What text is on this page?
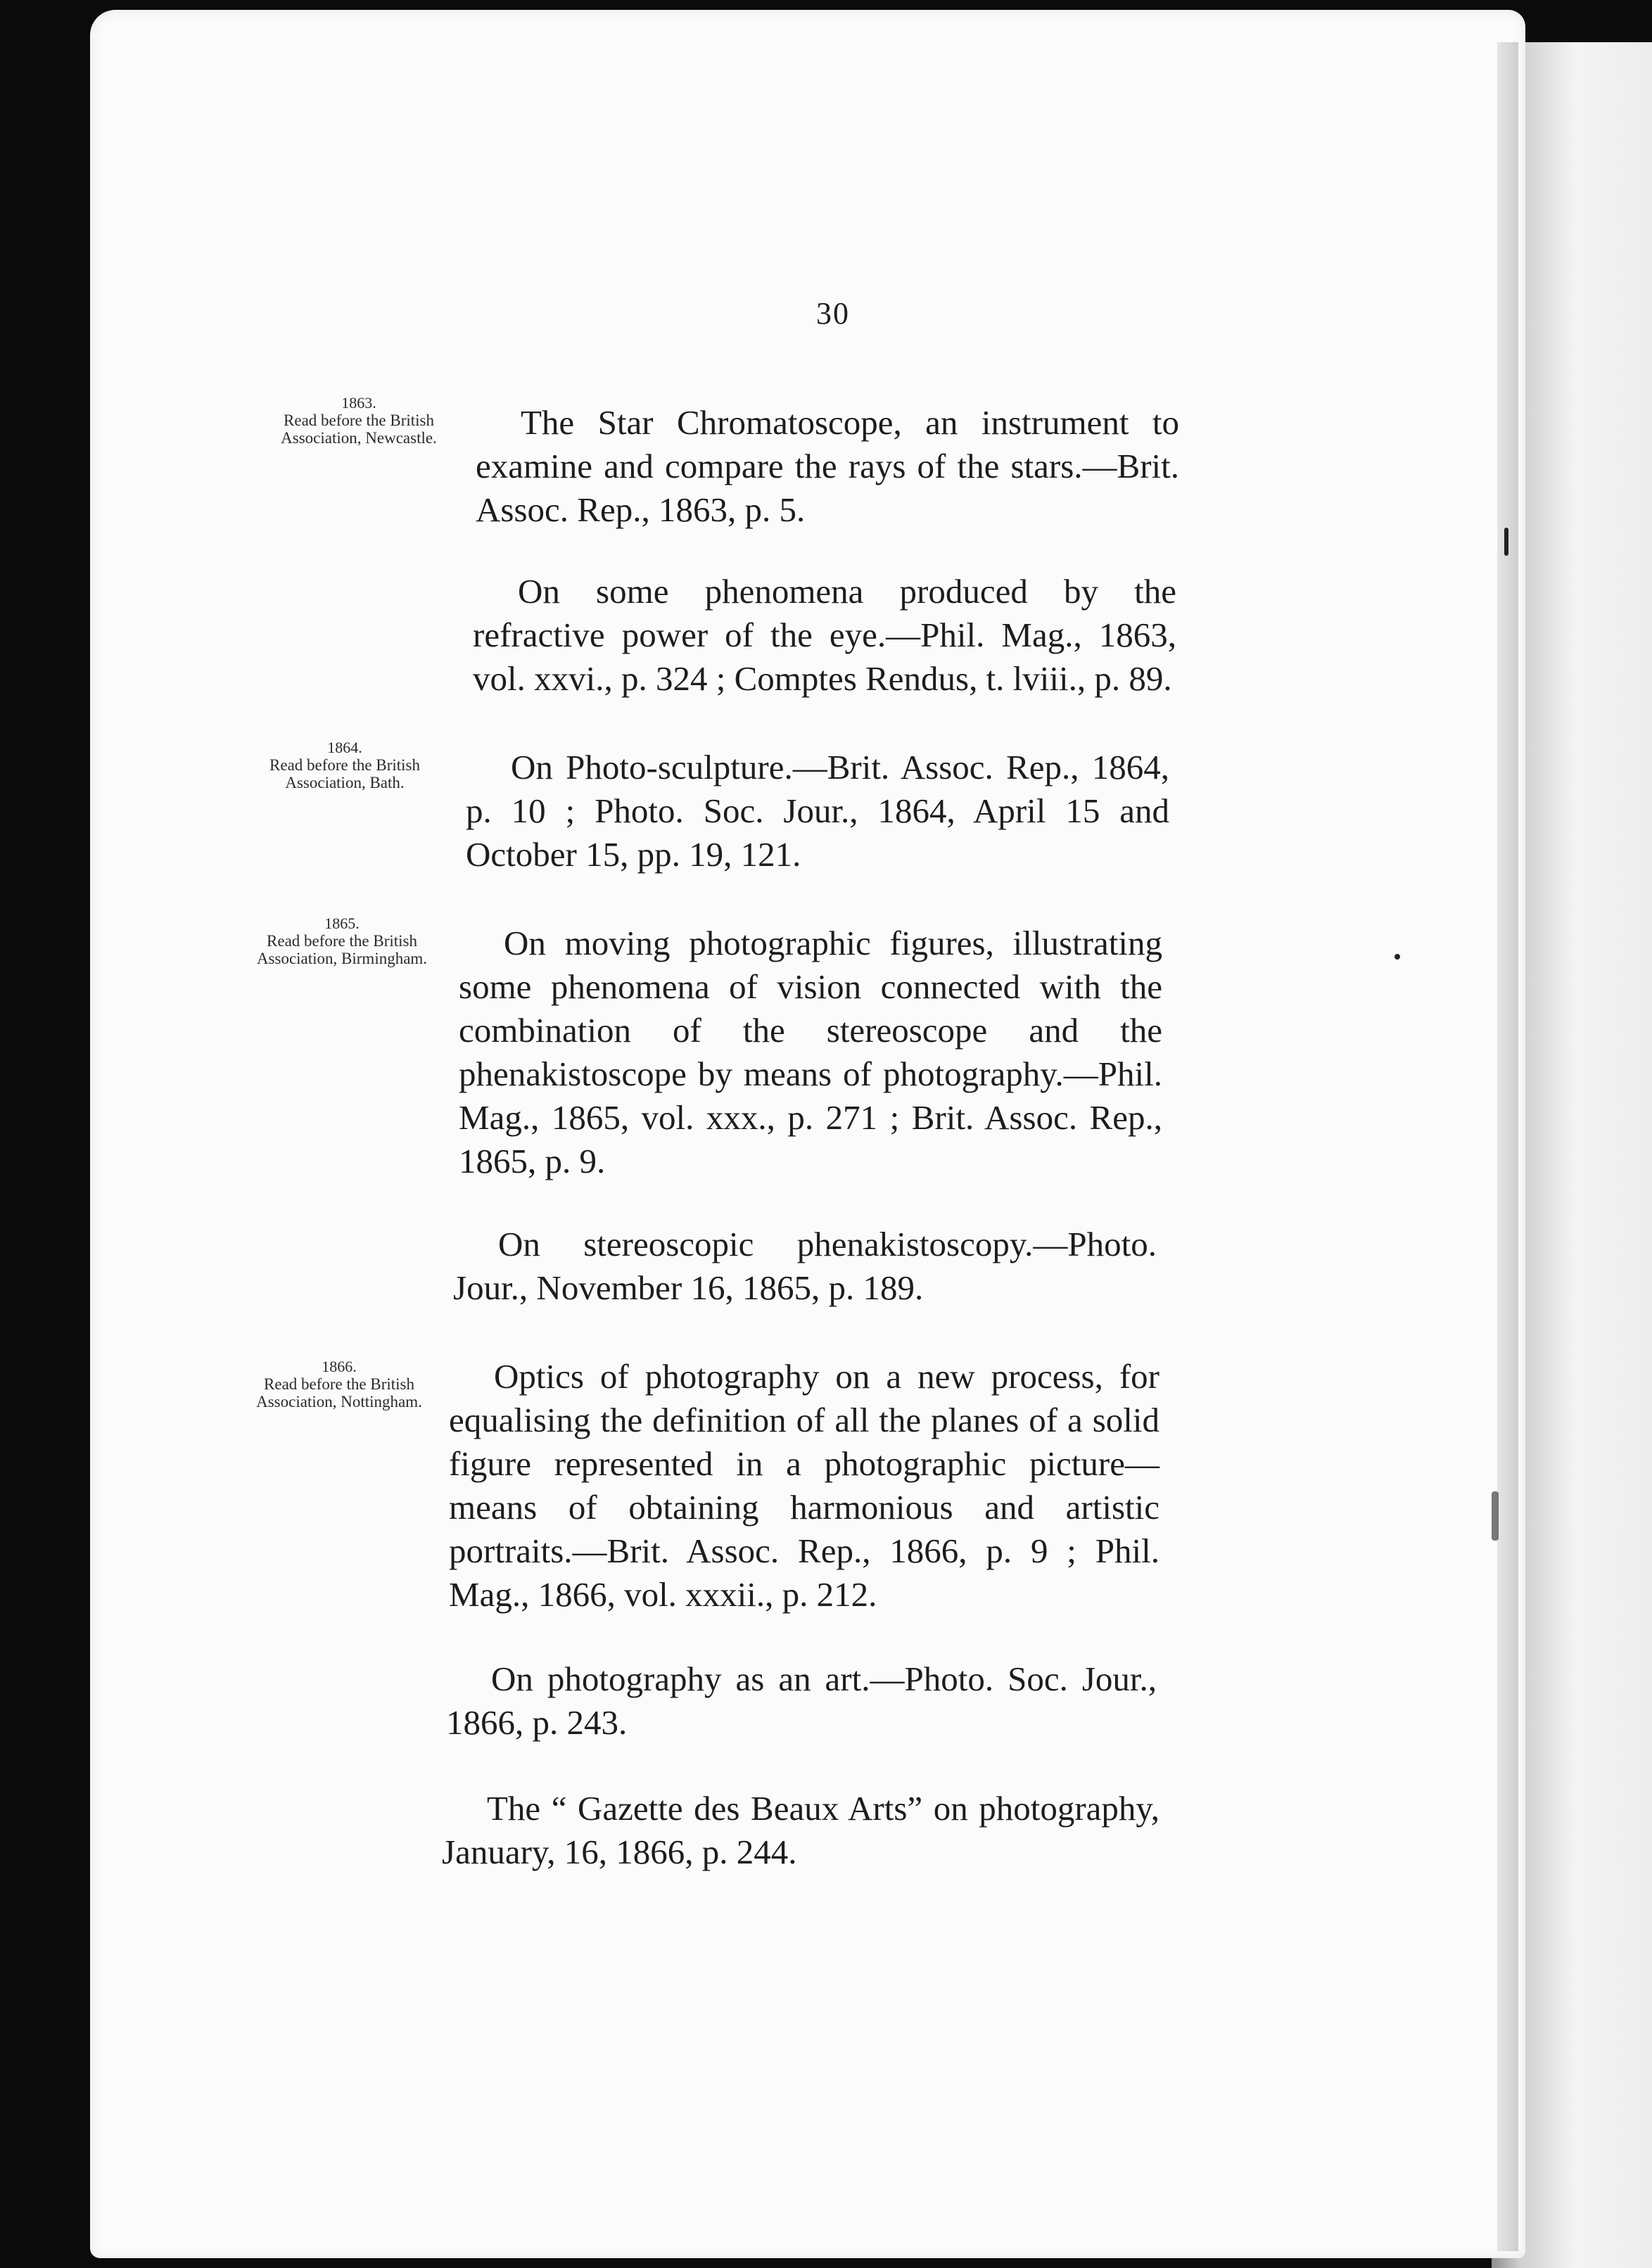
30
1863.
Read before the British Association, Newcastle.	The Star Chromatoscope, an instrument to examine and compare the rays of the stars.—Brit. Assoc. Rep., 1863, p. 5.

On some phenomena produced by the refractive power of the eye.—Phil. Mag., 1863, vol. xxvi., p. 324 ; Comptes Rendus, t. lviii., p. 89.

1864.
Read before the British Association, Bath.	On Photo-sculpture.—Brit. Assoc. Rep., 1864, p. 10 ; Photo. Soc. Jour., 1864, April 15 and October 15, pp. 19, 121.

1865.
Read before the British Association, Birmingham.	On moving photographic figures, illustrating some phenomena of vision connected with the combination of the stereoscope and the phenakistoscope by means of photography.—Phil. Mag., 1865, vol. xxx., p. 271 ; Brit. Assoc. Rep., 1865, p. 9.

On stereoscopic phenakistoscopy.—Photo. Jour., November 16, 1865, p. 189.

1866.
Read before the British Association, Nottingham.

Optics of photography on a new process, for equalising the definition of all the planes of a solid figure represented in a photographic picture—means of obtaining harmonious and artistic portraits.—Brit. Assoc. Rep., 1866, p. 9 ; Phil. Mag., 1866, vol. xxxii., p. 212.

On photography as an art.—Photo. Soc. Jour., 1866, p. 243.

The “ Gazette des Beaux Arts” on photography, January, 16, 1866, p. 244.
